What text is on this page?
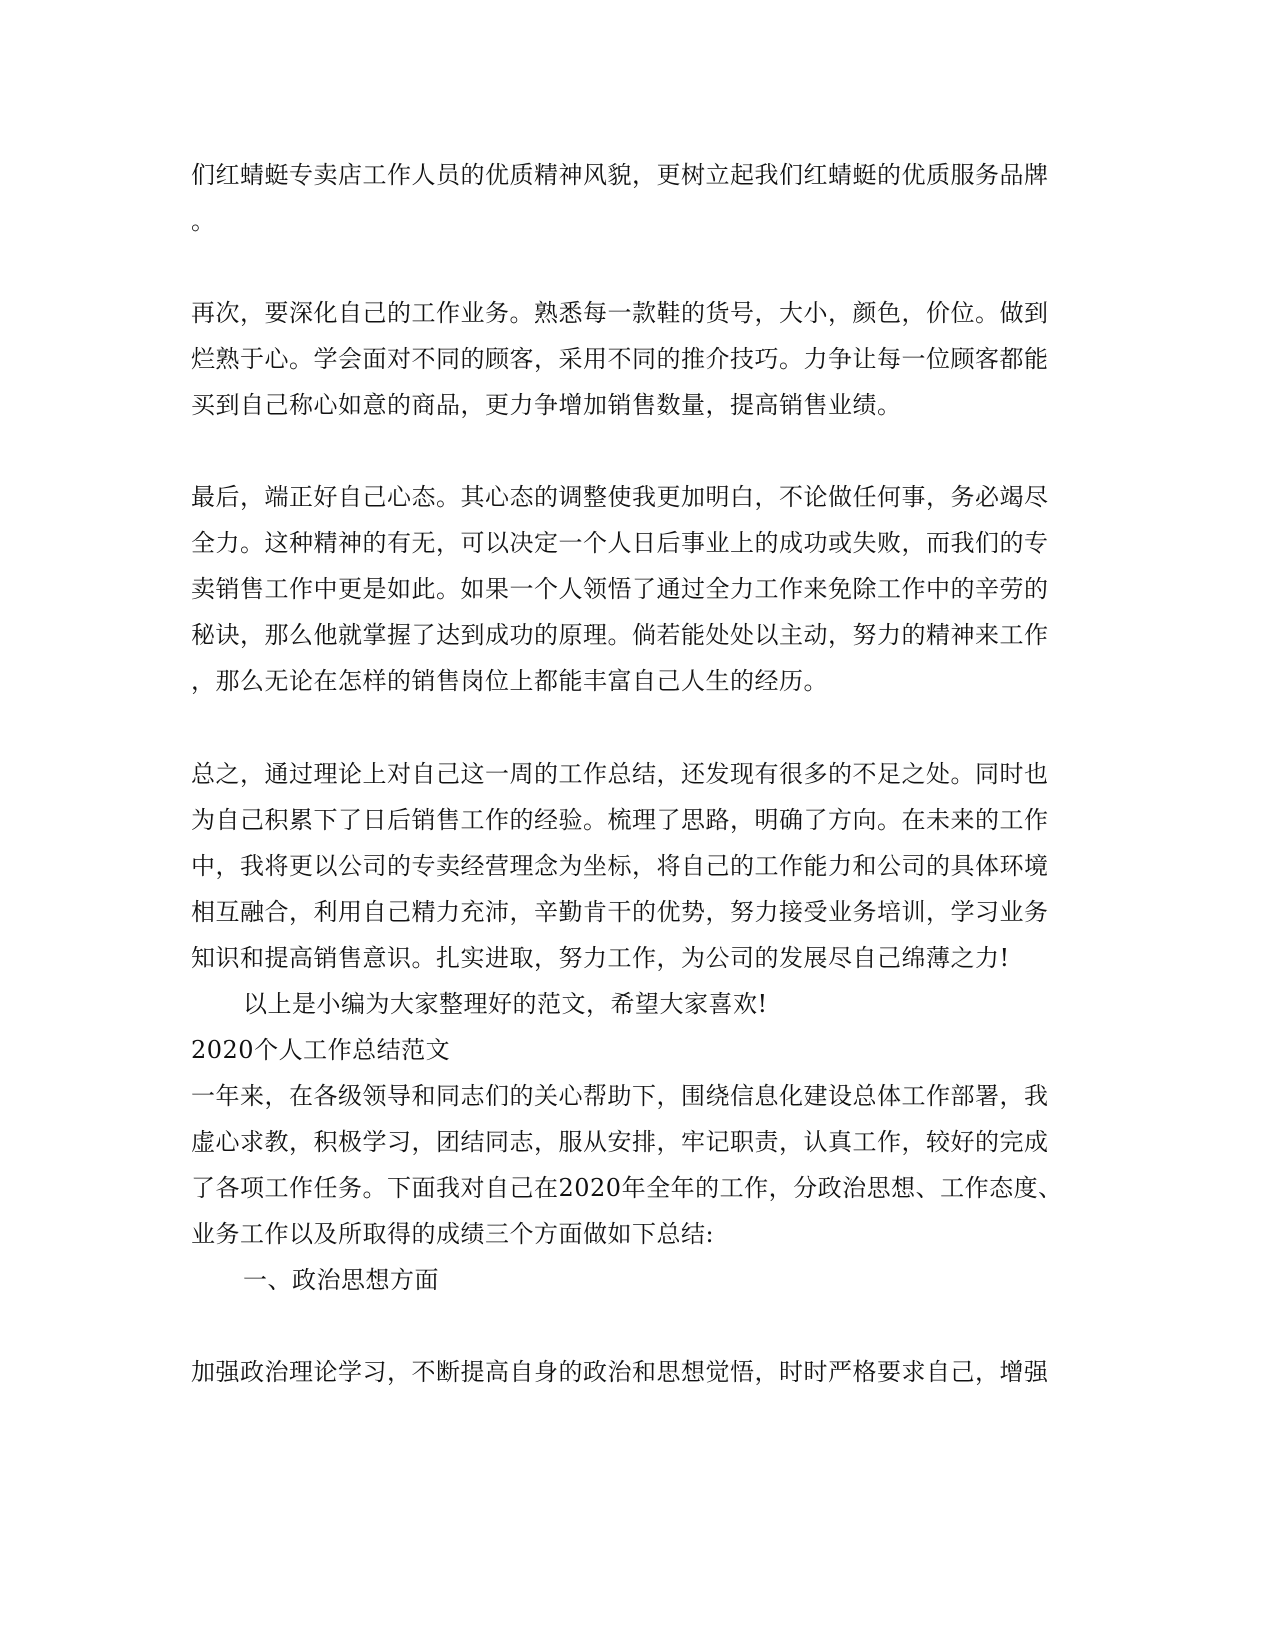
们红蜻蜓专卖店工作人员的优质精神风貌，更树立起我们红蜻蜓的优质服务品牌
。
再次，要深化自己的工作业务。熟悉每一款鞋的货号，大小，颜色，价位。做到
烂熟于心。学会面对不同的顾客，采用不同的推介技巧。力争让每一位顾客都能
买到自己称心如意的商品，更力争增加销售数量，提高销售业绩。
最后，端正好自己心态。其心态的调整使我更加明白，不论做任何事，务必竭尽
全力。这种精神的有无，可以决定一个人日后事业上的成功或失败，而我们的专
卖销售工作中更是如此。如果一个人领悟了通过全力工作来免除工作中的辛劳的
秘诀，那么他就掌握了达到成功的原理。倘若能处处以主动，努力的精神来工作
，那么无论在怎样的销售岗位上都能丰富自己人生的经历。
总之，通过理论上对自己这一周的工作总结，还发现有很多的不足之处。同时也
为自己积累下了日后销售工作的经验。梳理了思路，明确了方向。在未来的工作
中，我将更以公司的专卖经营理念为坐标，将自己的工作能力和公司的具体环境
相互融合，利用自己精力充沛，辛勤肯干的优势，努力接受业务培训，学习业务
知识和提高销售意识。扎实进取，努力工作，为公司的发展尽自己绵薄之力!
以上是小编为大家整理好的范文，希望大家喜欢!
2020个人工作总结范文
一年来，在各级领导和同志们的关心帮助下，围绕信息化建设总体工作部署，我
虚心求教，积极学习，团结同志，服从安排，牢记职责，认真工作，较好的完成
了各项工作任务。下面我对自己在2020年全年的工作，分政治思想、工作态度、
业务工作以及所取得的成绩三个方面做如下总结:
一、政治思想方面
加强政治理论学习，不断提高自身的政治和思想觉悟，时时严格要求自己，增强
